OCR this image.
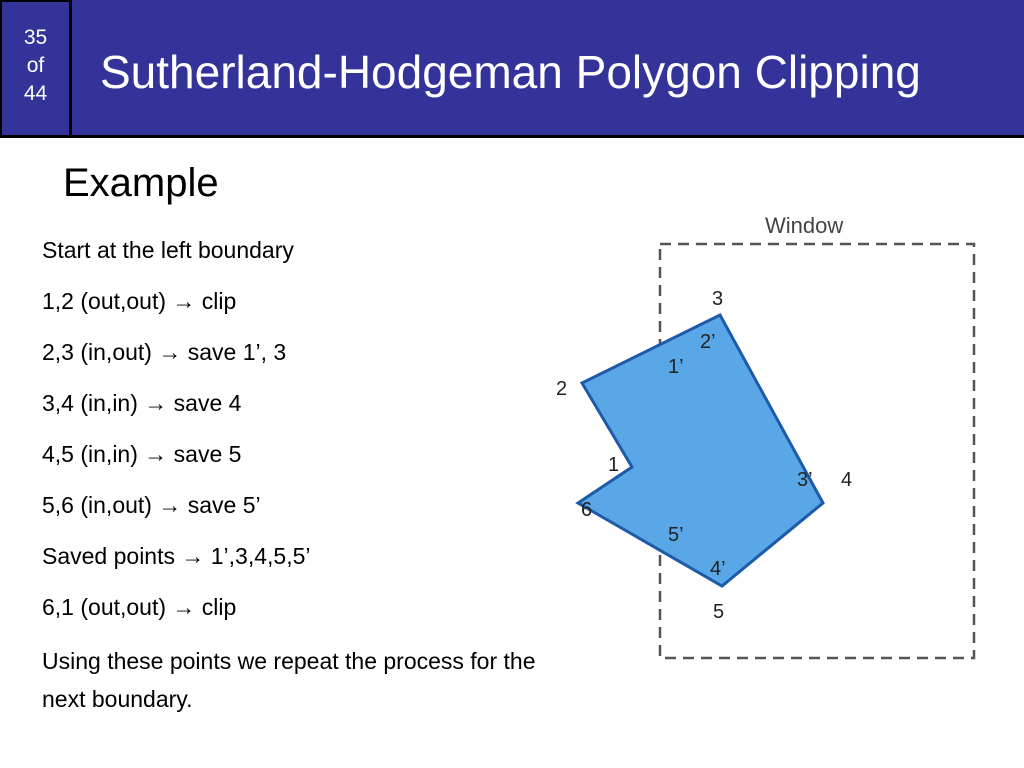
35
of
44	Sutherland-Hodgeman Polygon Clipping
Example
Start at the left boundary
1,2 (out,out) → clip
2,3 (in,out) → save 1’, 3
3,4 (in,in) → save 4
4,5 (in,in) → save 5
5,6 (in,out) → save 5’
Saved points → 1’,3,4,5,5’
6,1 (out,out) → clip
Using these points we repeat the process for the next boundary.
Window
3
2’
1’
2
1
3’ 4
6
5’
4’
5
